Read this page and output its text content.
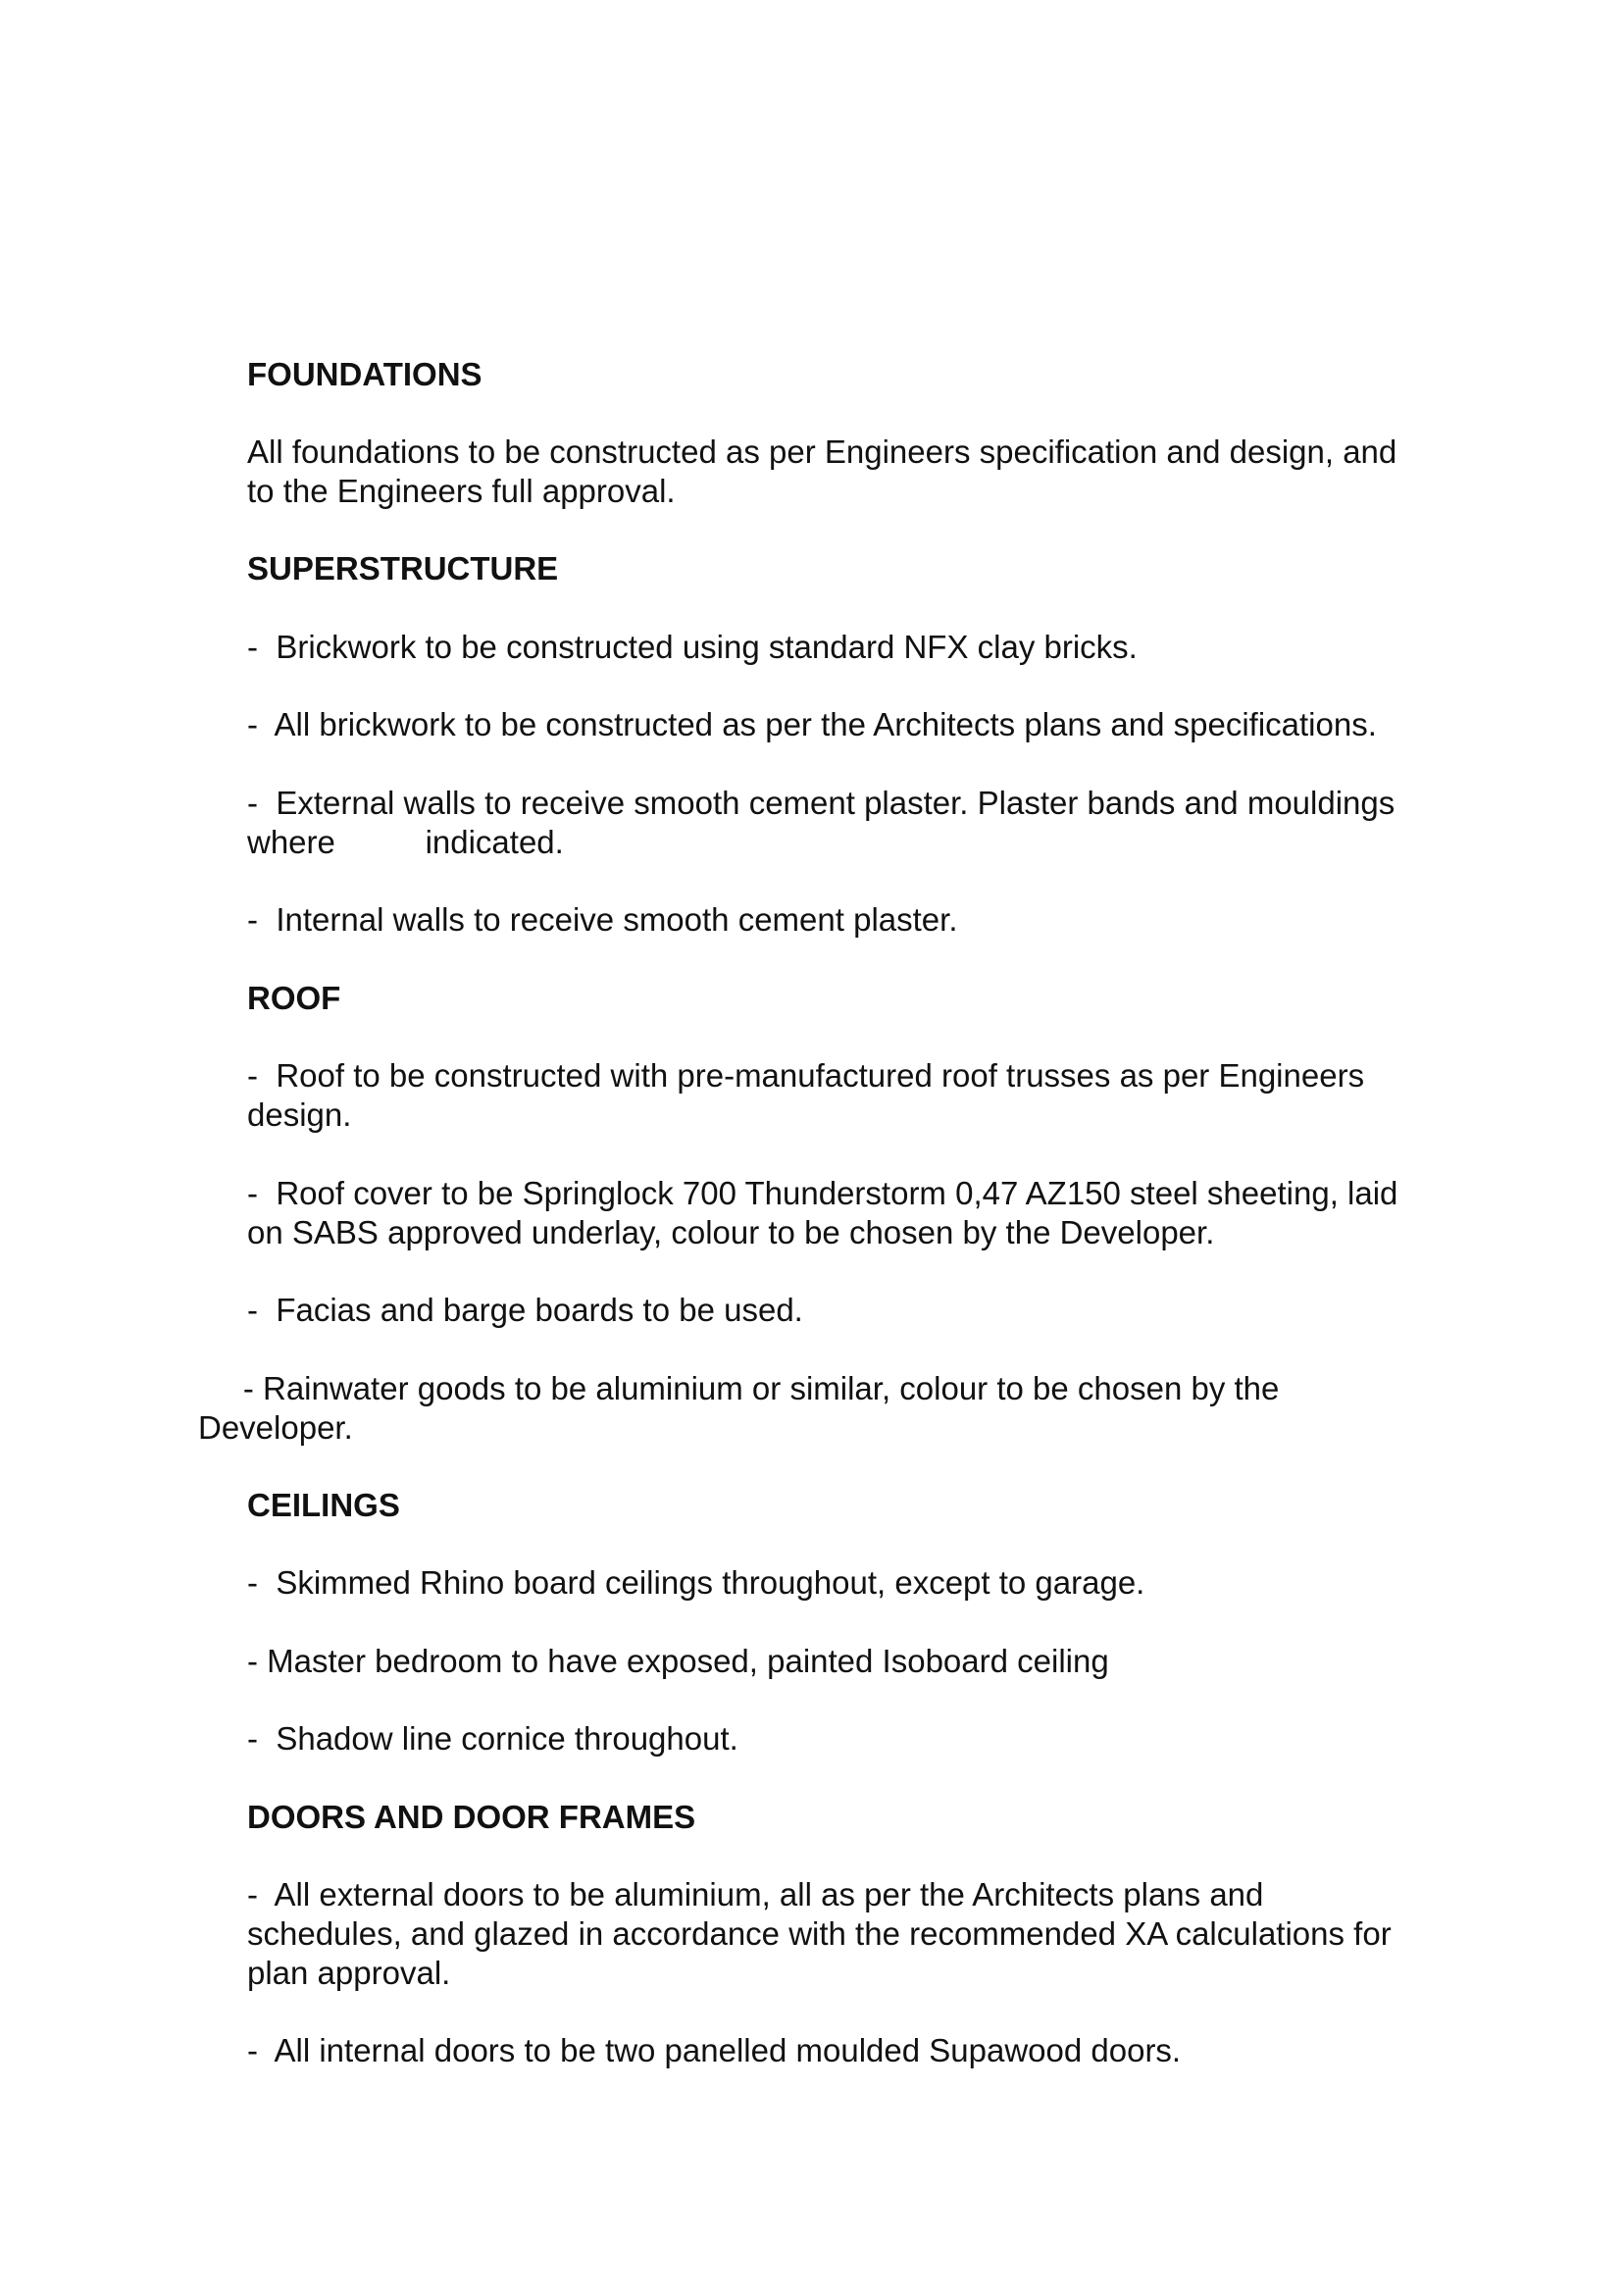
FOUNDATIONS
All foundations to be constructed as per Engineers specification and design, and
to the Engineers full approval.
SUPERSTRUCTURE
-  Brickwork to be constructed using standard NFX clay bricks.
-  All brickwork to be constructed as per the Architects plans and specifications.
-  External walls to receive smooth cement plaster. Plaster bands and mouldings
where          indicated.
-  Internal walls to receive smooth cement plaster.
ROOF
-  Roof to be constructed with pre-manufactured roof trusses as per Engineers
design.
-  Roof cover to be Springlock 700 Thunderstorm 0,47 AZ150 steel sheeting, laid
on SABS approved underlay, colour to be chosen by the Developer.
-  Facias and barge boards to be used.
- Rainwater goods to be aluminium or similar, colour to be chosen by the
Developer.
CEILINGS
-  Skimmed Rhino board ceilings throughout, except to garage.
- Master bedroom to have exposed, painted Isoboard ceiling
-  Shadow line cornice throughout.
DOORS AND DOOR FRAMES
-  All external doors to be aluminium, all as per the Architects plans and
schedules, and glazed in accordance with the recommended XA calculations for
plan approval.
-  All internal doors to be two panelled moulded Supawood doors.
